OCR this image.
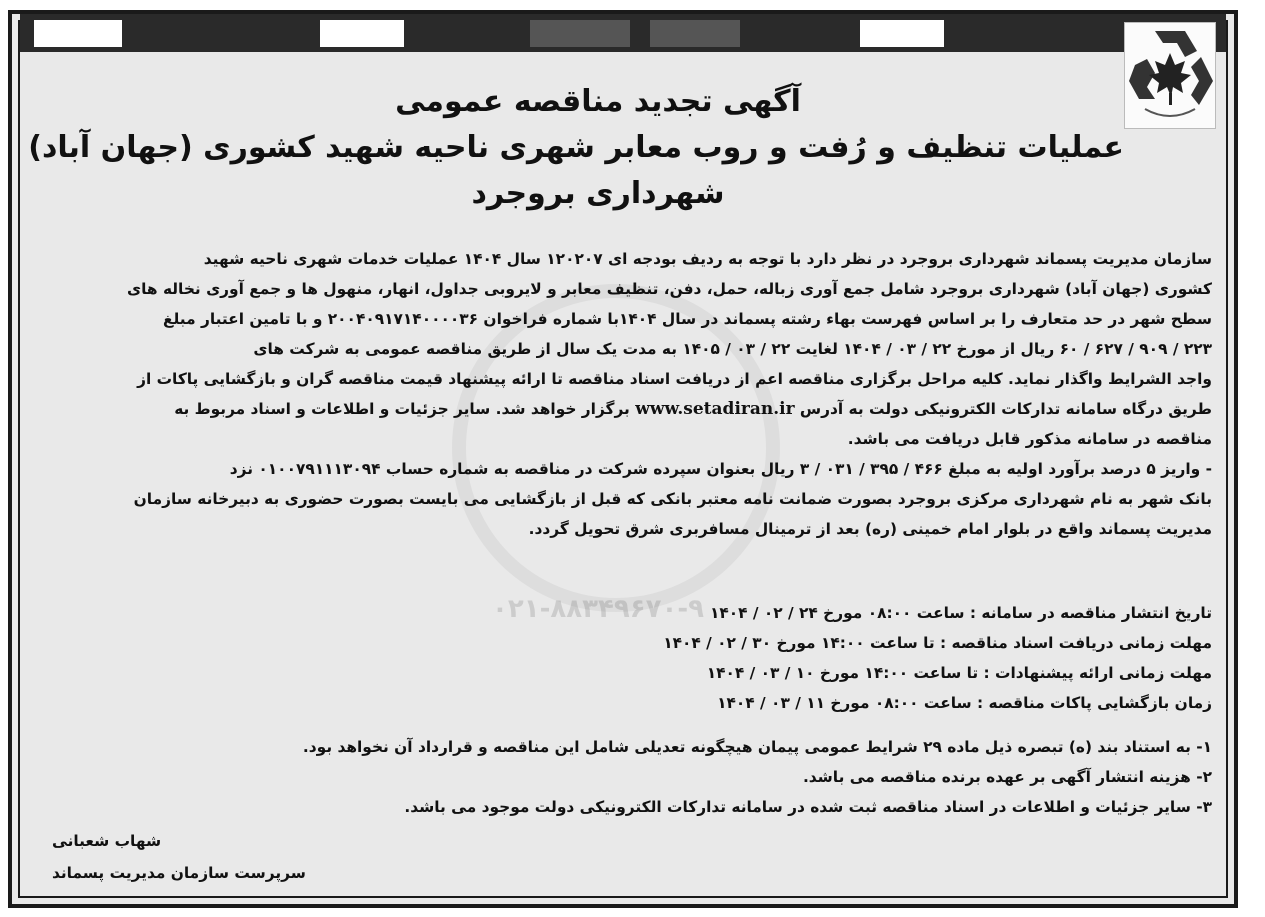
۰۲۱-۸۸۳۴۹۶۷۰-۹
آگهی تجدید مناقصه عمومی
عملیات تنظیف و رُفت و روب معابر شهری ناحیه شهید کشوری (جهان آباد)
شهرداری بروجرد
سازمان مدیریت پسماند شهرداری بروجرد در نظر دارد با توجه به ردیف بودجه ای ۱۲۰۲۰۷ سال ۱۴۰۴ عملیات خدمات شهری ناحیه شهید
کشوری (جهان آباد) شهرداری بروجرد شامل جمع آوری زباله، حمل، دفن، تنظیف معابر و لایروبی جداول، انهار، منهول ها و جمع آوری نخاله های
سطح شهر در حد متعارف را بر اساس فهرست بهاء رشته پسماند در سال ۱۴۰۴با شماره فراخوان ۲۰۰۴۰۹۱۷۱۴۰۰۰۰۳۶ و با تامین اعتبار مبلغ
۲۲۳ / ۹۰۹ / ۶۲۷ / ۶۰ ریال از مورخ ۲۲ / ۰۳ / ۱۴۰۴ لغایت ۲۲ / ۰۳ / ۱۴۰۵ به مدت یک سال از طریق مناقصه عمومی به شرکت های
واجد الشرایط واگذار نماید. کلیه مراحل برگزاری مناقصه اعم از دریافت اسناد مناقصه تا ارائه پیشنهاد قیمت مناقصه گران و بازگشایی پاکات از
طریق درگاه سامانه تدارکات الکترونیکی دولت به آدرس www.setadiran.ir برگزار خواهد شد. سایر جزئیات و اطلاعات و اسناد مربوط به
مناقصه در سامانه مذکور قابل دریافت می باشد.
- واریز ۵ درصد برآورد اولیه به مبلغ ۴۶۶ / ۳۹۵ / ۰۳۱ / ۳ ریال بعنوان سپرده شرکت در مناقصه به شماره حساب ۰۱۰۰۷۹۱۱۱۳۰۹۴ نزد
بانک شهر به نام شهرداری مرکزی بروجرد بصورت ضمانت نامه معتبر بانکی که قبل از بازگشایی می بایست بصورت حضوری به دبیرخانه سازمان
مدیریت پسماند واقع در بلوار امام خمینی (ره) بعد از ترمینال مسافربری شرق تحویل گردد.
تاریخ انتشار مناقصه در سامانه : ساعت ۰۸:۰۰ مورخ ۲۴ / ۰۲ / ۱۴۰۴
مهلت زمانی دریافت اسناد مناقصه : تا ساعت ۱۴:۰۰ مورخ ۳۰ / ۰۲ / ۱۴۰۴
مهلت زمانی ارائه پیشنهادات : تا ساعت ۱۴:۰۰ مورخ ۱۰ / ۰۳ / ۱۴۰۴
زمان بازگشایی پاکات مناقصه : ساعت ۰۸:۰۰ مورخ ۱۱ / ۰۳ / ۱۴۰۴
۱- به استناد بند (ه) تبصره ذیل ماده ۲۹ شرایط عمومی پیمان هیچگونه تعدیلی شامل این مناقصه و قرارداد آن نخواهد بود.
۲- هزینه انتشار آگهی بر عهده برنده مناقصه می باشد.
۳- سایر جزئیات و اطلاعات در اسناد مناقصه ثبت شده در سامانه تدارکات الکترونیکی دولت موجود می باشد.
شهاب شعبانی
سرپرست سازمان مدیریت پسماند
